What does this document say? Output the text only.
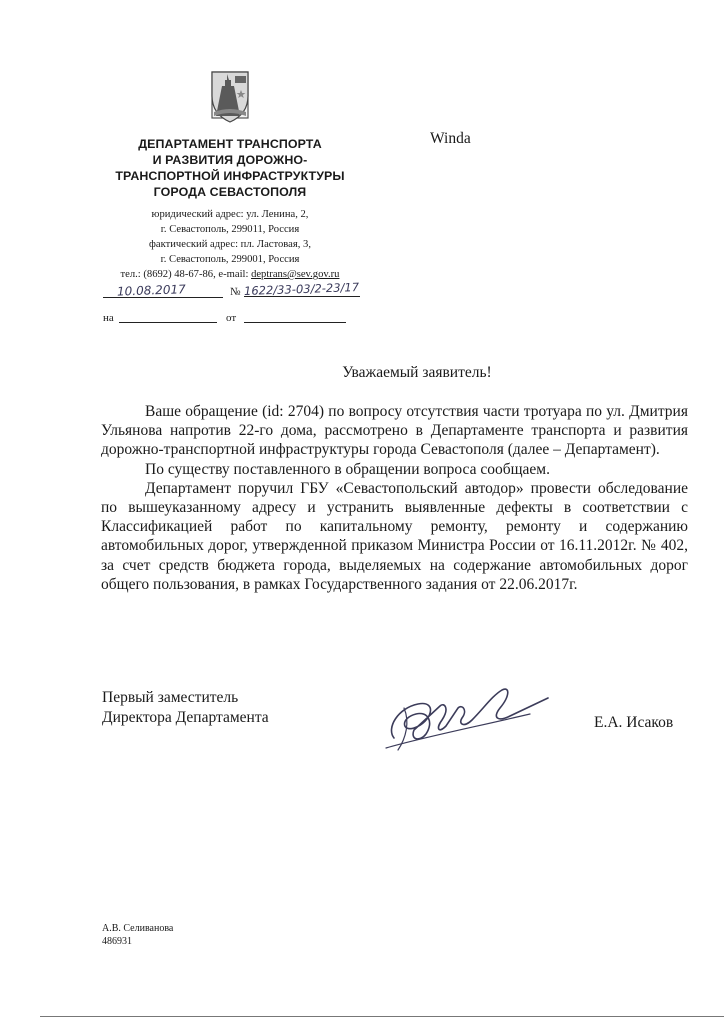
ДЕПАРТАМЕНТ ТРАНСПОРТА
И РАЗВИТИЯ ДОРОЖНО-
ТРАНСПОРТНОЙ ИНФРАСТРУКТУРЫ
ГОРОДА СЕВАСТОПОЛЯ
юридический адрес: ул. Ленина, 2,
г. Севастополь, 299011, Россия
фактический адрес: пл. Ластовая, 3,
г. Севастополь, 299001, Россия
тел.: (8692) 48-67-86, e-mail: deptrans@sev.gov.ru
10.08.2017	№ 1622/33-03/2-23/17
на	от
Winda
Уважаемый заявитель!

Ваше обращение (id: 2704) по вопросу отсутствия части тротуара по ул. Дмитрия Ульянова напротив 22-го дома, рассмотрено в Департаменте транспорта и развития дорожно-транспортной инфраструктуры города Севастополя (далее – Департамент).

По существу поставленного в обращении вопроса сообщаем.

Департамент поручил ГБУ «Севастопольский автодор» провести обследование по вышеуказанному адресу и устранить выявленные дефекты в соответствии с Классификацией работ по капитальному ремонту, ремонту и содержанию автомобильных дорог, утвержденной приказом Министра России от 16.11.2012г. № 402, за счет средств бюджета города, выделяемых на содержание автомобильных дорог общего пользования, в рамках Государственного задания от 22.06.2017г.

Первый заместитель
Директора Департамента	Е.А. Исаков
А.В. Селиванова
486931
